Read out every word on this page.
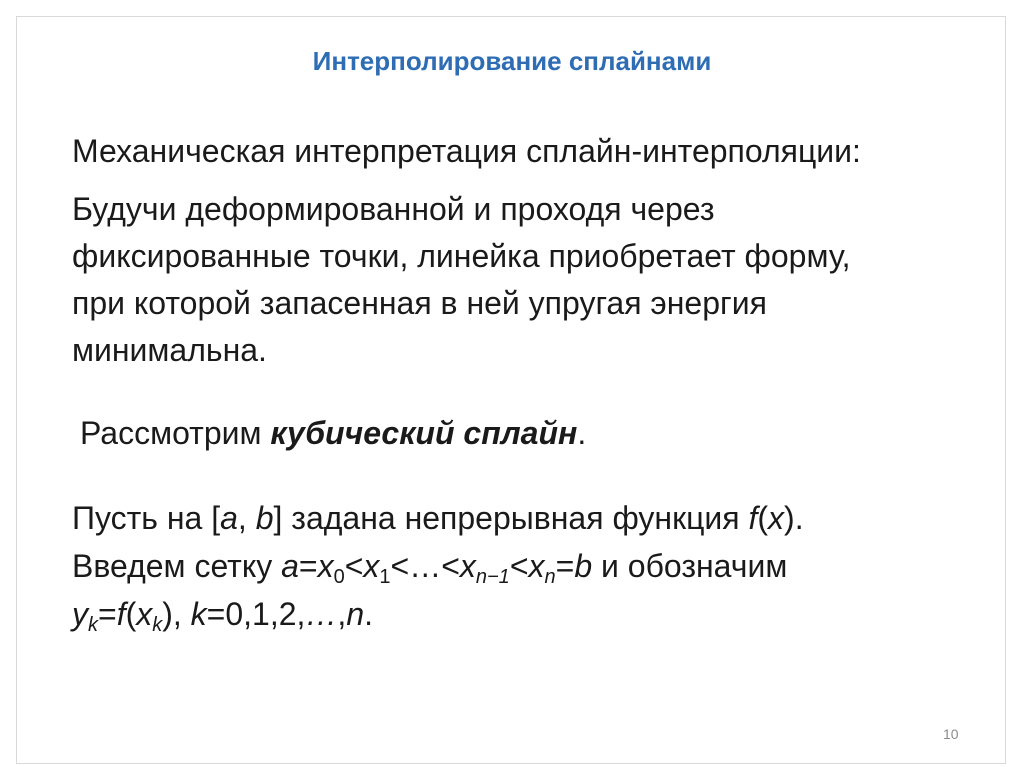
Интерполирование сплайнами
Механическая интерпретация сплайн-интерполяции:
Будучи деформированной и проходя через
фиксированные точки, линейка приобретает форму,
при которой запасенная в ней упругая энергия
минимальна.
Рассмотрим кубический сплайн.
Пусть на [a, b] задана непрерывная функция f(x).
Введем сетку $a=x_0<x_1<\dots<x_{n-1}<x_n=b$ и обозначим
$y_k=f(x_k)$, k=0,1,2,…,n.
10
